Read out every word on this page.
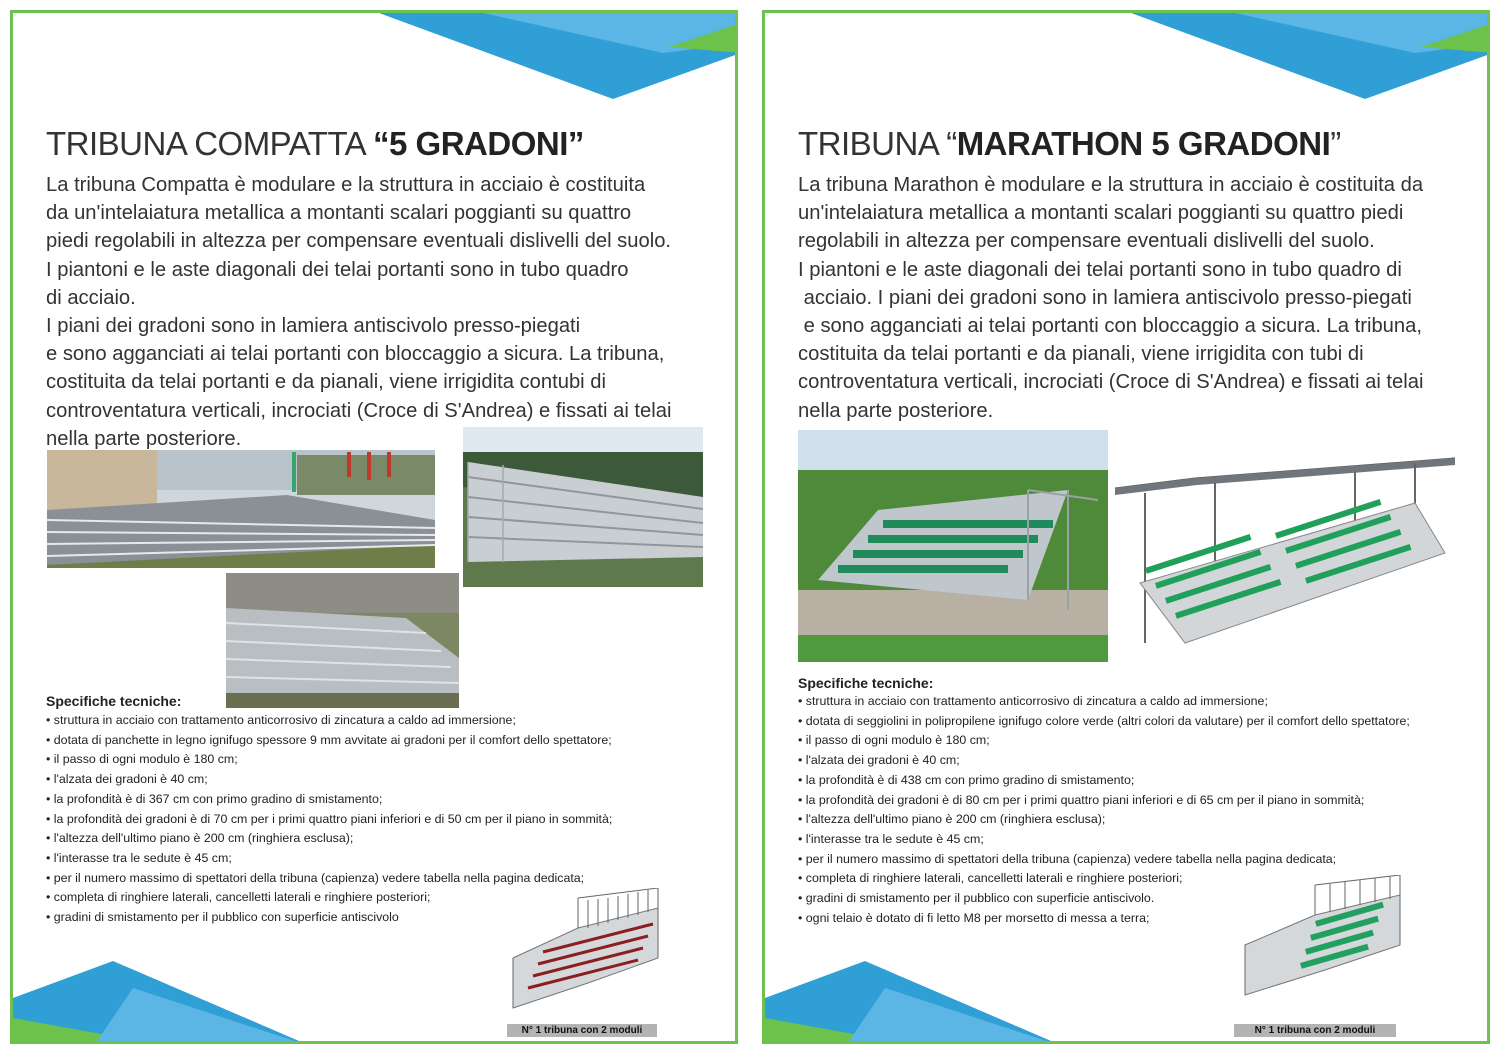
TRIBUNA COMPATTA “5 GRADONI”
La tribuna Compatta è modulare e la struttura in acciaio è costituita
da un'intelaiatura metallica a montanti scalari poggianti su quattro
piedi regolabili in altezza per compensare eventuali dislivelli del suolo.
I piantoni e le aste diagonali dei telai portanti sono in tubo quadro
di acciaio.
I piani dei gradoni sono in lamiera antiscivolo presso-piegati
e sono agganciati ai telai portanti con bloccaggio a sicura. La tribuna,
costituita da telai portanti e da pianali, viene irrigidita contubi di
controventatura verticali, incrociati (Croce di S'Andrea) e fissati ai telai
nella parte posteriore.
Specifiche tecniche:
• struttura in acciaio con trattamento anticorrosivo di zincatura a caldo ad immersione;
• dotata di panchette in legno ignifugo spessore 9 mm avvitate ai gradoni per il comfort dello spettatore;
• il passo di ogni modulo è 180 cm;
• l'alzata dei gradoni è 40 cm;
• la profondità è di 367 cm con primo gradino di smistamento;
• la profondità dei gradoni è di 70 cm per i primi quattro piani inferiori e di 50 cm per il piano in sommità;
• l'altezza dell'ultimo piano è 200 cm (ringhiera esclusa);
• l'interasse tra le sedute è 45 cm;
• per il numero massimo di spettatori della tribuna (capienza) vedere tabella nella pagina dedicata;
• completa di ringhiere laterali, cancelletti laterali e ringhiere posteriori;
• gradini di smistamento per il pubblico con superficie antiscivolo
N° 1 tribuna con 2 moduli
TRIBUNA “MARATHON 5 GRADONI”
La tribuna Marathon è modulare e la struttura in acciaio è costituita da
un'intelaiatura metallica a montanti scalari poggianti su quattro piedi
regolabili in altezza per compensare eventuali dislivelli del suolo.
I piantoni e le aste diagonali dei telai portanti sono in tubo quadro di
acciaio. I piani dei gradoni sono in lamiera antiscivolo presso-piegati
e sono agganciati ai telai portanti con bloccaggio a sicura. La tribuna,
costituita da telai portanti e da pianali, viene irrigidita con tubi di
controventatura verticali, incrociati (Croce di S'Andrea) e fissati ai telai
nella parte posteriore.
Specifiche tecniche:
• struttura in acciaio con trattamento anticorrosivo di zincatura a caldo ad immersione;
• dotata di seggiolini in polipropilene ignifugo colore verde (altri colori da valutare) per il comfort dello spettatore;
• il passo di ogni modulo è 180 cm;
• l'alzata dei gradoni è 40 cm;
• la profondità è di 438 cm con primo gradino di smistamento;
• la profondità dei gradoni è di 80 cm per i primi quattro piani inferiori e di 65 cm per il piano in sommità;
• l'altezza dell'ultimo piano è 200 cm (ringhiera esclusa);
• l'interasse tra le sedute è 45 cm;
• per il numero massimo di spettatori della tribuna (capienza) vedere tabella nella pagina dedicata;
• completa di ringhiere laterali, cancelletti laterali e ringhiere posteriori;
• gradini di smistamento per il pubblico con superficie antiscivolo.
• ogni telaio è dotato di fi letto M8 per morsetto di messa a terra;
N° 1 tribuna con 2 moduli
